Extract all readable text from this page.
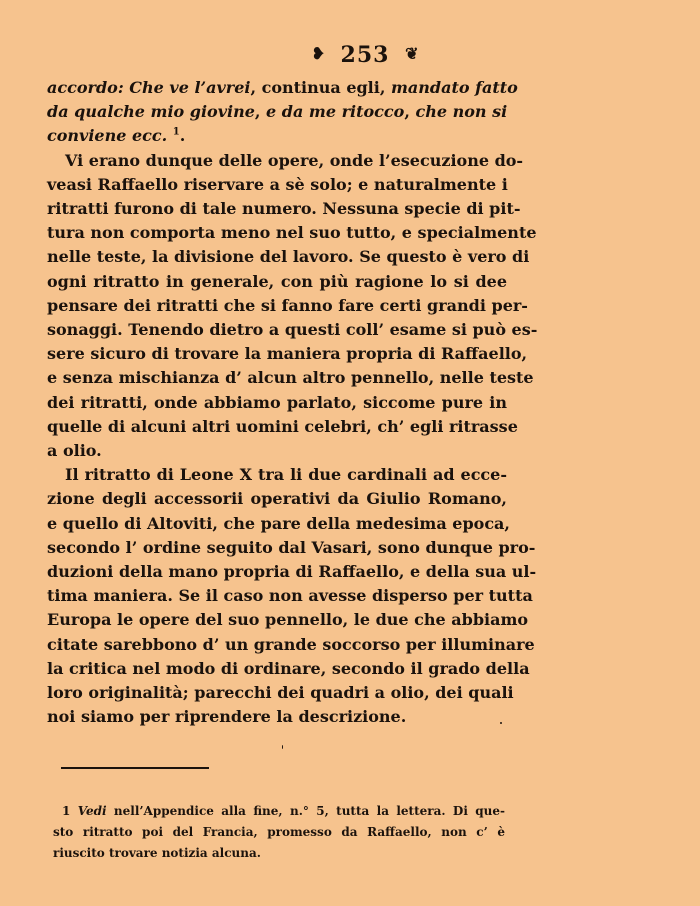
❥ 253 ❦
accordo: Che ve l’avrei, continua egli, mandato fatto
da qualche mio giovine, e da me ritocco, che non si
conviene ecc. $^1$.
Vi erano dunque delle opere, onde l’esecuzione do-
veasi Raffaello riservare a sè solo; e naturalmente i
ritratti furono di tale numero. Nessuna specie di pit-
tura non comporta meno nel suo tutto, e specialmente
nelle teste, la divisione del lavoro. Se questo è vero di
ogni ritratto in generale, con più ragione lo si dee
pensare dei ritratti che si fanno fare certi grandi per-
sonaggi. Tenendo dietro a questi coll’ esame si può es-
sere sicuro di trovare la maniera propria di Raffaello,
e senza mischianza d’ alcun altro pennello, nelle teste
dei ritratti, onde abbiamo parlato, siccome pure in
quelle di alcuni altri uomini celebri, ch’ egli ritrasse
a olio.
Il ritratto di Leone X tra li due cardinali ad ecce-
zione degli accessorii operativi da Giulio Romano,
e quello di Altoviti, che pare della medesima epoca,
secondo l’ ordine seguito dal Vasari, sono dunque pro-
duzioni della mano propria di Raffaello, e della sua ul-
tima maniera. Se il caso non avesse disperso per tutta
Europa le opere del suo pennello, le due che abbiamo
citate sarebbono d’ un grande soccorso per illuminare
la critica nel modo di ordinare, secondo il grado della
loro originalità; parecchi dei quadri a olio, dei quali
noi siamo per riprendere la descrizione.
1 Vedi nell’Appendice alla fine, n.° 5, tutta la lettera. Di que-
sto ritratto poi del Francia, promesso da Raffaello, non c’ è
riuscito trovare notizia alcuna.
